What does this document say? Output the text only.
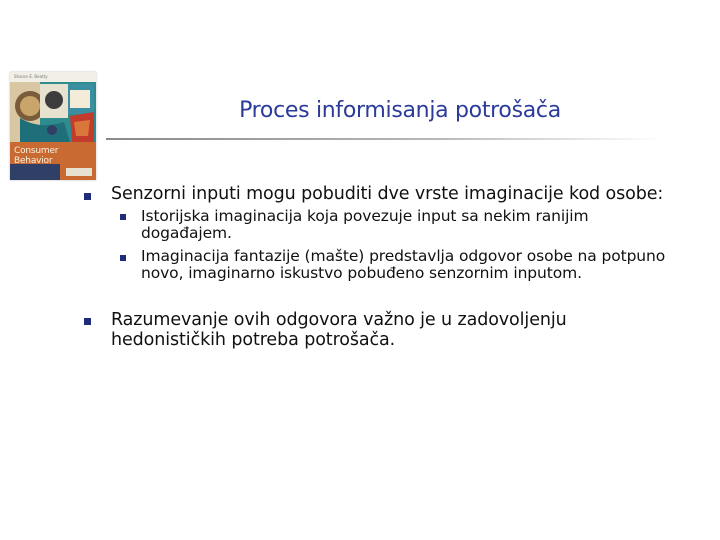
Sharon E. Beatty
Consumer
Behavior
Proces informisanja potrošača
Senzorni inputi mogu pobuditi dve vrste imaginacije kod osobe:
Istorijska imaginacija koja povezuje input sa nekim ranijim
događajem.
Imaginacija fantazije (mašte) predstavlja odgovor osobe na potpuno
novo, imaginarno iskustvo pobuđeno senzornim inputom.
Razumevanje ovih odgovora važno je u zadovoljenju
hedonističkih potreba potrošača.
